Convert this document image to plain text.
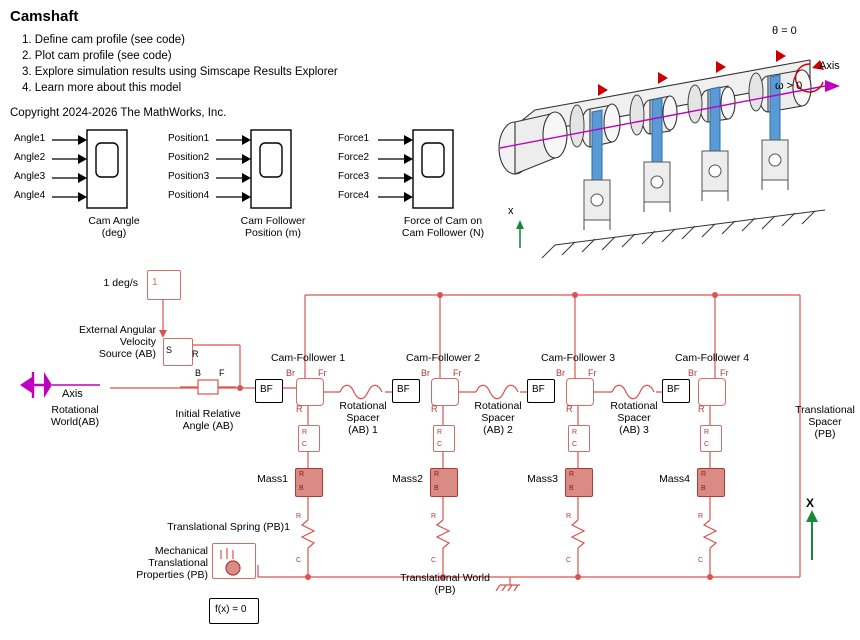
Camshaft
1. Define cam profile (see code)
2. Plot cam profile (see code)
3. Explore simulation results using Simscape Results Explorer
4. Learn more about this model
Copyright 2024-2026 The MathWorks, Inc.
Angle1
Angle2
Angle3
Angle4
Cam Angle
(deg)
Position1
Position2
Position3
Position4
Cam Follower
Position (m)
Force1
Force2
Force3
Force4
Force of Cam on
Cam Follower (N)
θ = 0
Axis
ω > 0
x
1
1 deg/s
S R
External Angular
Velocity
Source (AB)
Axis
Rotational
World(AB)
B F
Initial Relative
Angle (AB)
Cam-Follower 1
Br	Fr
R
Cam-Follower 2
Br	Fr
R
Cam-Follower 3
Br	Fr
R
Cam-Follower 4
Br	Fr
R
BF	BF	BF	BF
Rotational
Spacer
(AB) 1
Rotational
Spacer
(AB) 2
Rotational
Spacer
(AB) 3
Translational
Spacer
(PB)
Mass1	Mass2	Mass3	Mass4
Translational Spring (PB)1
Mechanical
Translational
Properties (PB)	Translational World
(PB)
f(x) = 0
X
R
C
R
B
R
C
R
C
R
B
R
C
R
C
R
B
R
C
R
C
R
B
R
C
